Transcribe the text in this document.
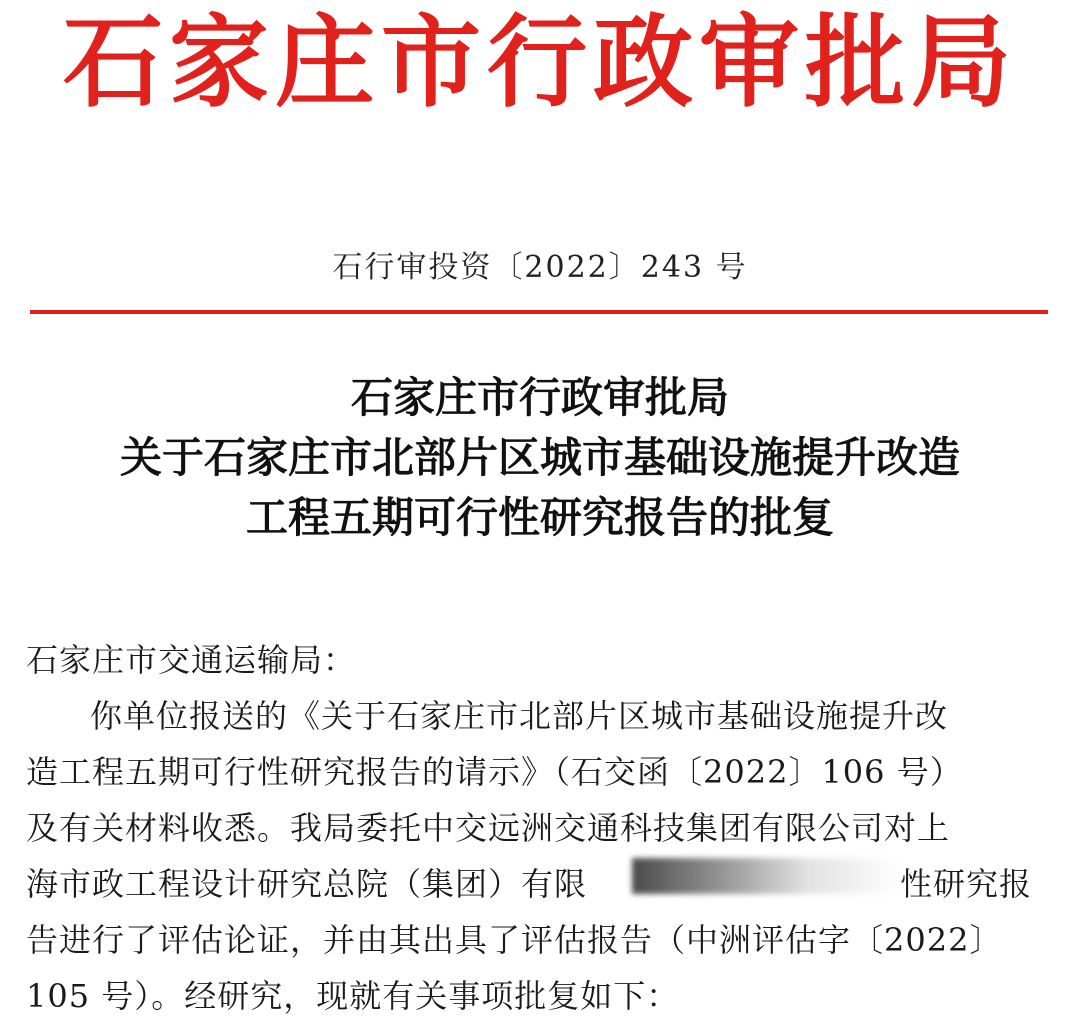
石家庄市行政审批局
石行审投资〔2022〕243 号
石家庄市行政审批局
关于石家庄市北部片区城市基础设施提升改造
工程五期可行性研究报告的批复
石家庄市交通运输局：
你单位报送的《关于石家庄市北部片区城市基础设施提升改
造工程五期可行性研究报告的请示》（石交函〔2022〕106 号）
及有关材料收悉。我局委托中交远洲交通科技集团有限公司对上
海市政工程设计研究总院（集团）有限	性研究报
告进行了评估论证，并由其出具了评估报告（中洲评估字〔2022〕
105 号）。经研究，现就有关事项批复如下：
